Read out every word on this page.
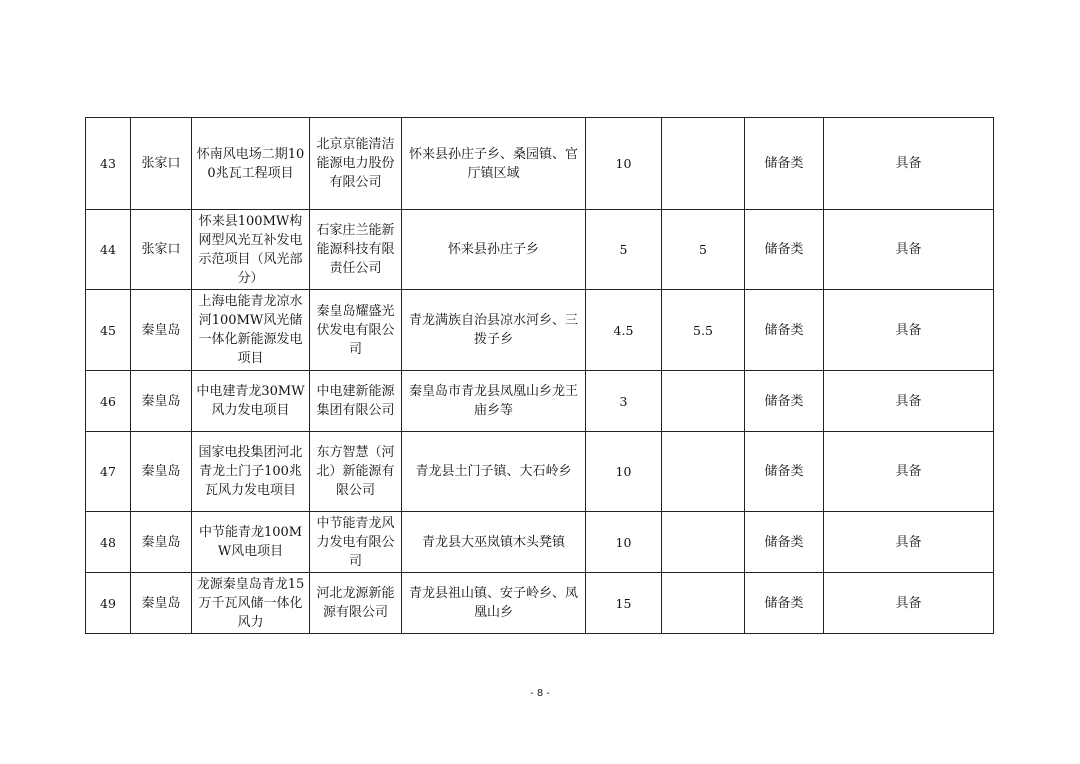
43	张家口	怀南风电场二期100兆瓦工程项目	北京京能清洁能源电力股份有限公司	怀来县孙庄子乡、桑园镇、官厅镇区域	10		储备类	具备
44	张家口	怀来县100MW构网型风光互补发电示范项目（风光部分）	石家庄兰能新能源科技有限责任公司	怀来县孙庄子乡	5	5	储备类	具备
45	秦皇岛	上海电能青龙凉水河100MW风光储一体化新能源发电项目	秦皇岛耀盛光伏发电有限公司	青龙满族自治县凉水河乡、三拨子乡	4.5	5.5	储备类	具备
46	秦皇岛	中电建青龙30MW风力发电项目	中电建新能源集团有限公司	秦皇岛市青龙县凤凰山乡龙王庙乡等	3		储备类	具备
47	秦皇岛	国家电投集团河北青龙土门子100兆瓦风力发电项目	东方智慧（河北）新能源有限公司	青龙县土门子镇、大石岭乡	10		储备类	具备
48	秦皇岛	中节能青龙100MW风电项目	中节能青龙风力发电有限公司	青龙县大巫岚镇木头凳镇	10		储备类	具备
49	秦皇岛	龙源秦皇岛青龙15万千瓦风储一体化风力	河北龙源新能源有限公司	青龙县祖山镇、安子岭乡、凤凰山乡	15		储备类	具备
- 8 -
